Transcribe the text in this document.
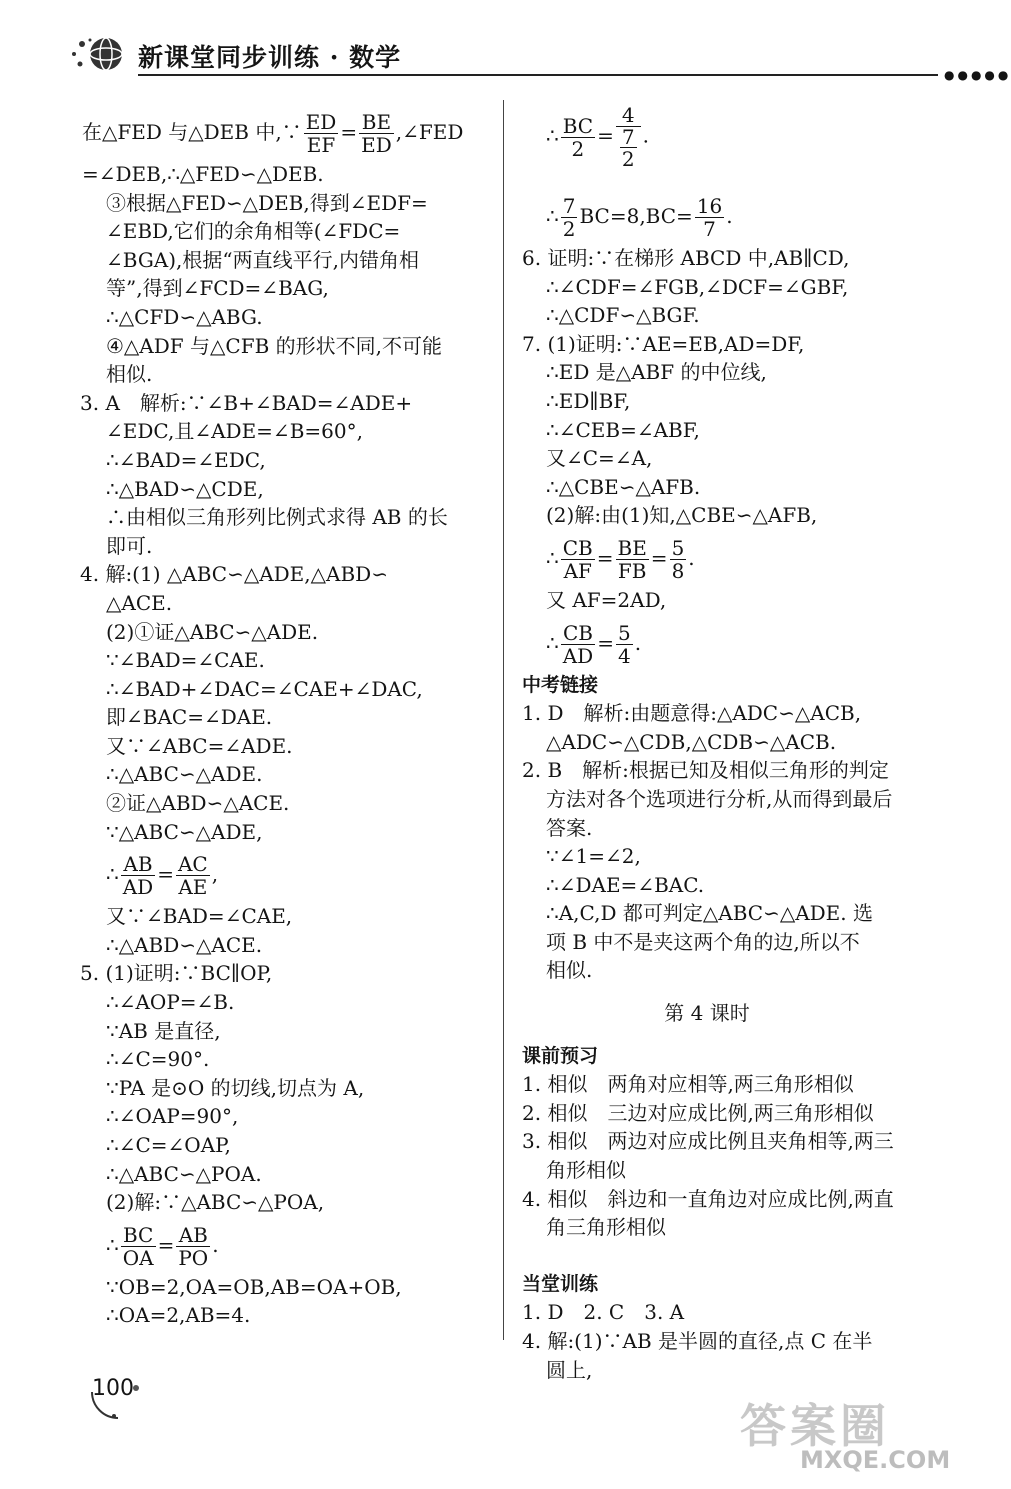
新课堂同步训练 · 数学
●●●●●
在△FED 与△DEB 中,∵ $\frac{ED}{EF} = \frac{BE}{ED}$ ,∠FED
=∠DEB,∴△FED∽△DEB.
③根据△FED∽△DEB,得到∠EDF=
∠EBD,它们的余角相等(∠FDC=
∠BGA),根据“两直线平行,内错角相
等”,得到∠FCD=∠BAG,
∴△CFD∽△ABG.
④△ADF 与△CFB 的形状不同,不可能
相似.
3. A　解析:∵∠B+∠BAD=∠ADE+
∠EDC,且∠ADE=∠B=60°,
∴∠BAD=∠EDC,
∴△BAD∽△CDE,
∴由相似三角形列比例式求得 AB 的长
即可.
4. 解:(1) △ABC∽△ADE,△ABD∽
△ACE.
(2)①证△ABC∽△ADE.
∵∠BAD=∠CAE.
∴∠BAD+∠DAC=∠CAE+∠DAC,
即∠BAC=∠DAE.
又∵∠ABC=∠ADE.
∴△ABC∽△ADE.
②证△ABD∽△ACE.
∵△ABC∽△ADE,
∴ $\frac{AB}{AD} = \frac{AC}{AE}$ ,
又∵∠BAD=∠CAE,
∴△ABD∽△ACE.
5. (1)证明:∵BC∥OP,
∴∠AOP=∠B.
∵AB 是直径,
∴∠C=90°.
∵PA 是⊙O 的切线,切点为 A,
∴∠OAP=90°,
∴∠C=∠OAP,
∴△ABC∽△POA.
(2)解:∵△ABC∽△POA,
∴ $\frac{BC}{OA} = \frac{AB}{PO}$ .
∵OB=2,OA=OB,AB=OA+OB,
∴OA=2,AB=4.
∴ $\frac{BC}{2} = \frac{4}{\frac{7}{2}}$ .
∴ $\frac{7}{2} BC=8,BC= \frac{16}{7}$ .
6. 证明:∵在梯形 ABCD 中,AB∥CD,
∴∠CDF=∠FGB,∠DCF=∠GBF,
∴△CDF∽△BGF.
7. (1)证明:∵AE=EB,AD=DF,
∴ED 是△ABF 的中位线,
∴ED∥BF,
∴∠CEB=∠ABF,
又∠C=∠A,
∴△CBE∽△AFB.
(2)解:由(1)知,△CBE∽△AFB,
∴ $\frac{CB}{AF} = \frac{BE}{FB} = \frac{5}{8}$ .
又 AF=2AD,
∴ $\frac{CB}{AD} = \frac{5}{4}$ .
中考链接
1. D　解析:由题意得:△ADC∽△ACB,
△ADC∽△CDB,△CDB∽△ACB.
2. B　解析:根据已知及相似三角形的判定
方法对各个选项进行分析,从而得到最后
答案.
∵∠1=∠2,
∴∠DAE=∠BAC.
∴A,C,D 都可判定△ABC∽△ADE. 选
项 B 中不是夹这两个角的边,所以不
相似.
第 4 课时
课前预习
1. 相似　两角对应相等,两三角形相似
2. 相似　三边对应成比例,两三角形相似
3. 相似　两边对应成比例且夹角相等,两三
角形相似
4. 相似　斜边和一直角边对应成比例,两直
角三角形相似
当堂训练
1. D　2. C　3. A
4. 解:(1)∵AB 是半圆的直径,点 C 在半
圆上,
100
答案圈
MXQE.COM
